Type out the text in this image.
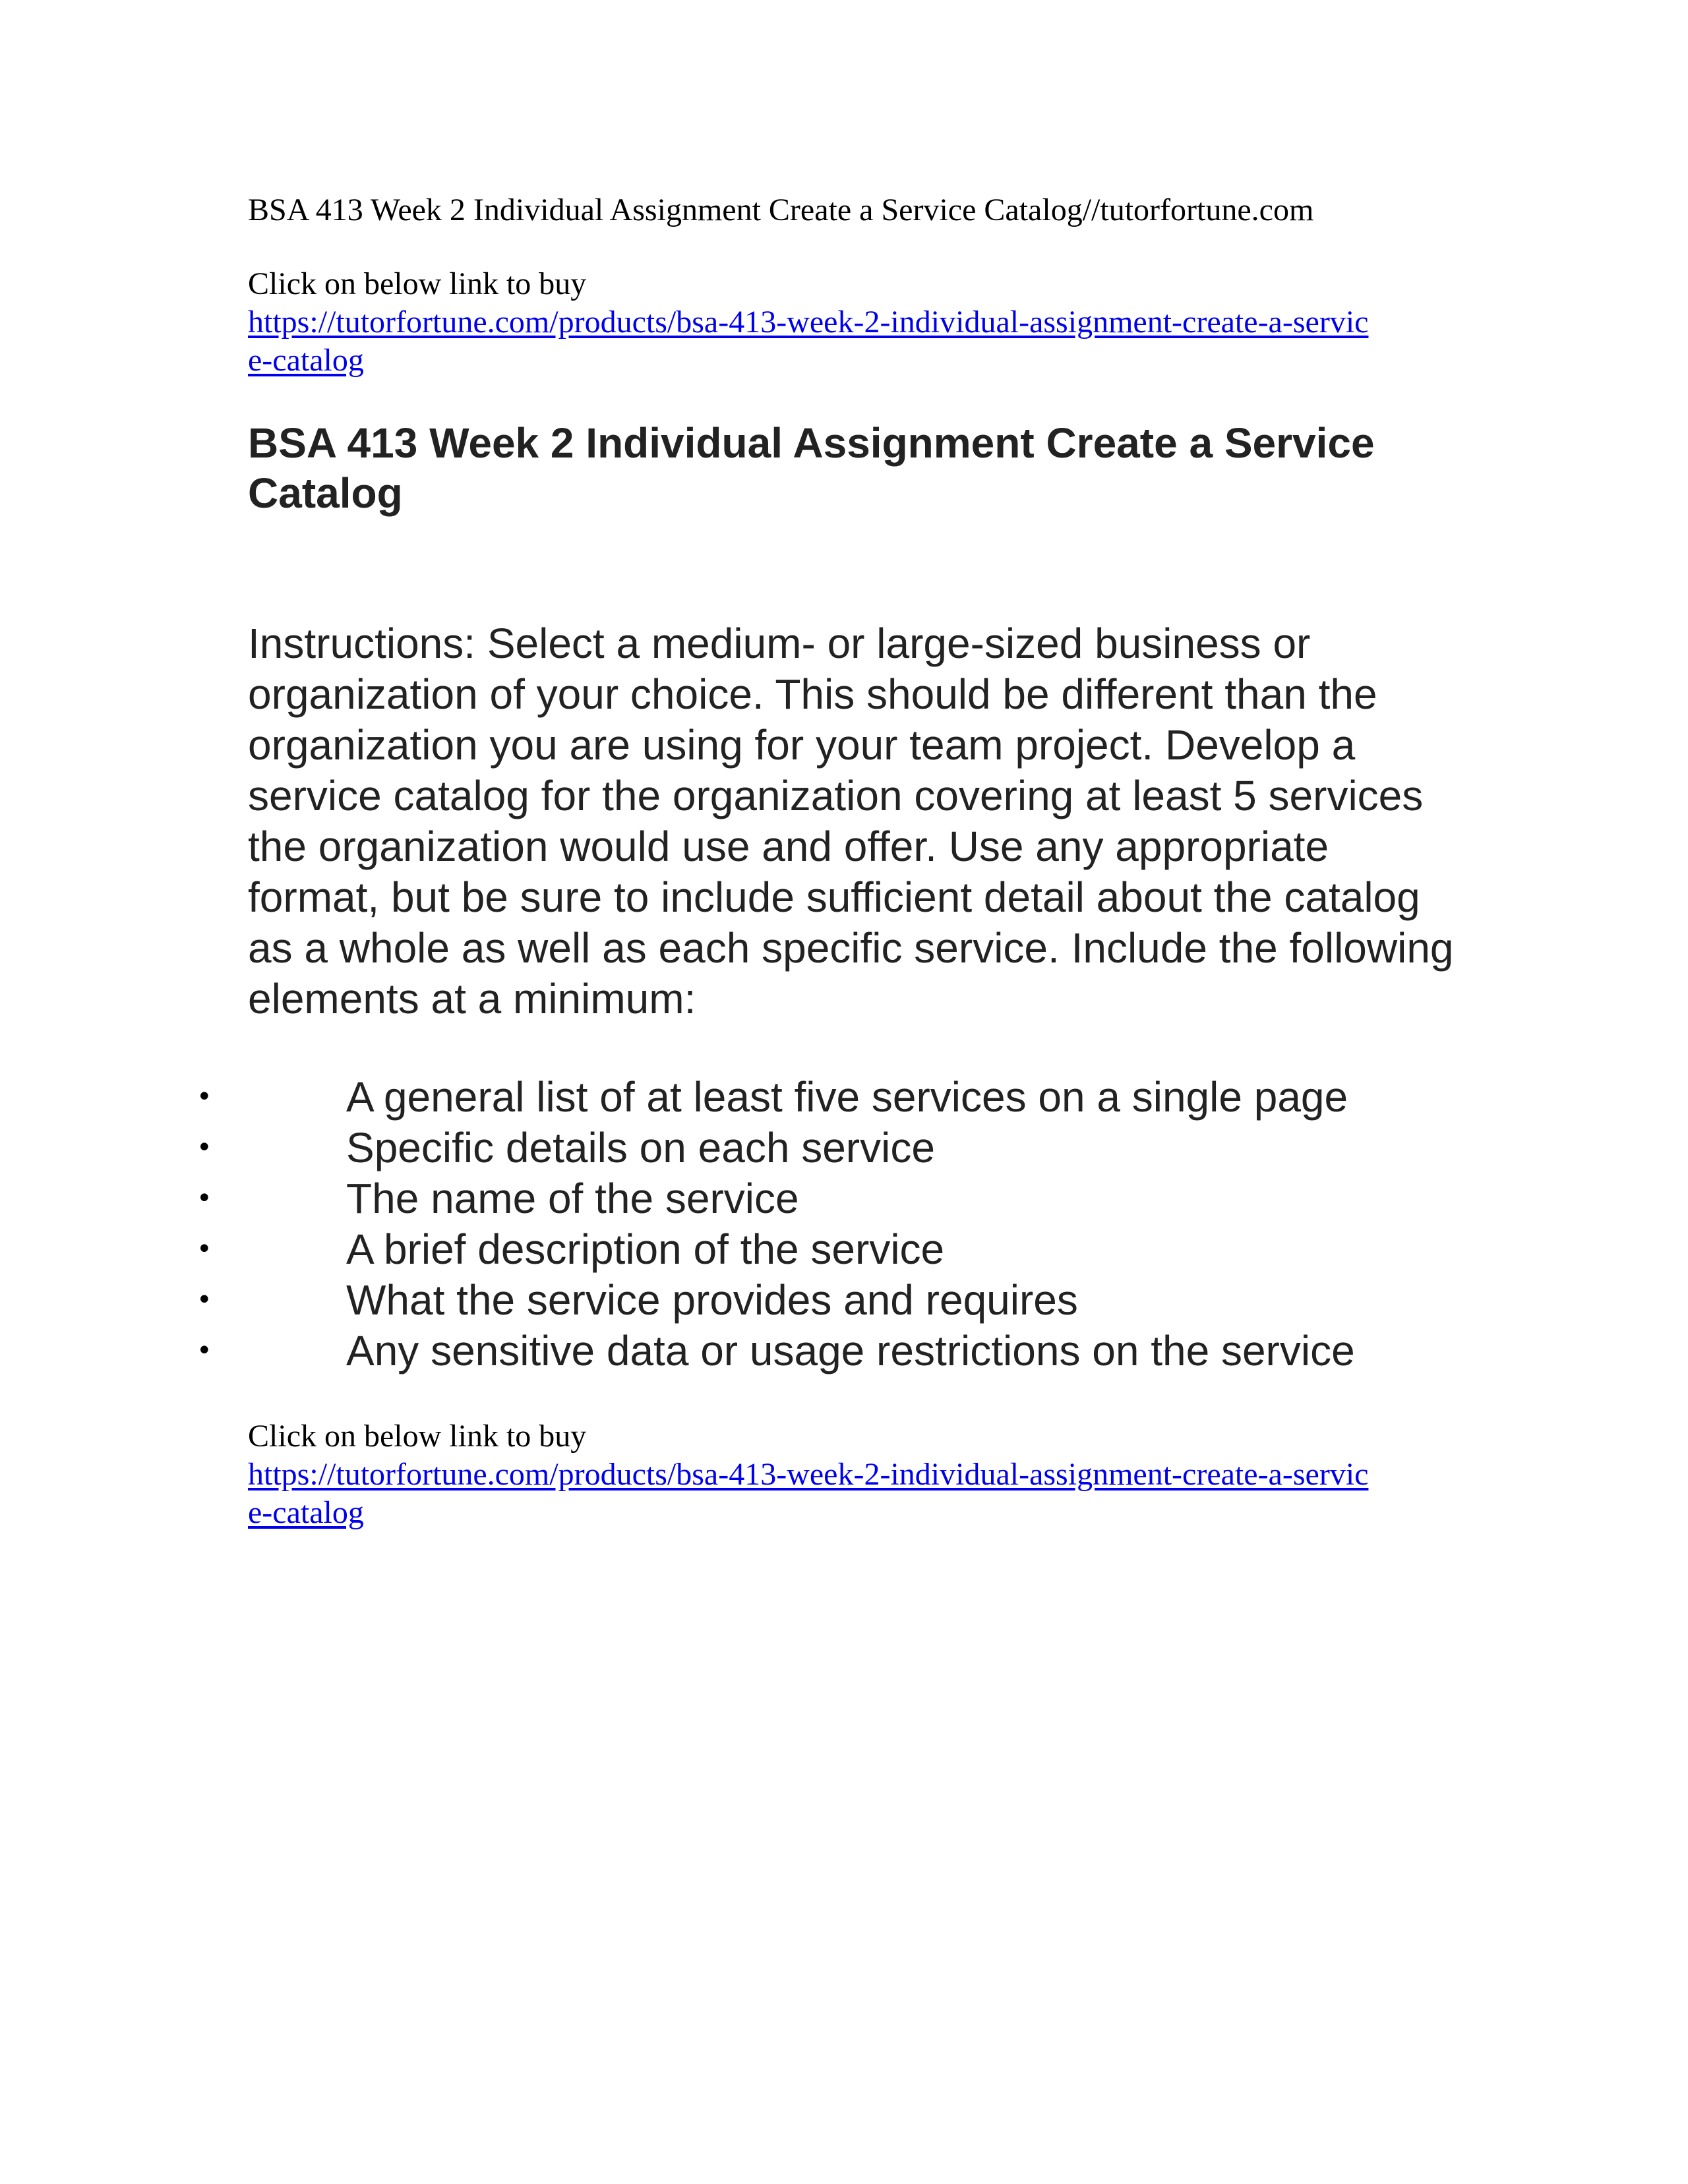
BSA 413 Week 2 Individual Assignment Create a Service Catalog//tutorfortune.com

Click on below link to buy

https://tutorfortune.com/products/bsa-413-week-2-individual-assignment-create-a-service-catalog
BSA 413 Week 2 Individual Assignment Create a Service Catalog

Instructions: Select a medium- or large-sized business or organization of your choice. This should be different than the organization you are using for your team project. Develop a service catalog for the organization covering at least 5 services the organization would use and offer. Use any appropriate format, but be sure to include sufficient detail about the catalog as a whole as well as each specific service. Include the following elements at a minimum:

•	A general list of at least five services on a single page
•	Specific details on each service
•	The name of the service
•	A brief description of the service
•	What the service provides and requires
•	Any sensitive data or usage restrictions on the service

Click on below link to buy

https://tutorfortune.com/products/bsa-413-week-2-individual-assignment-create-a-service-catalog
